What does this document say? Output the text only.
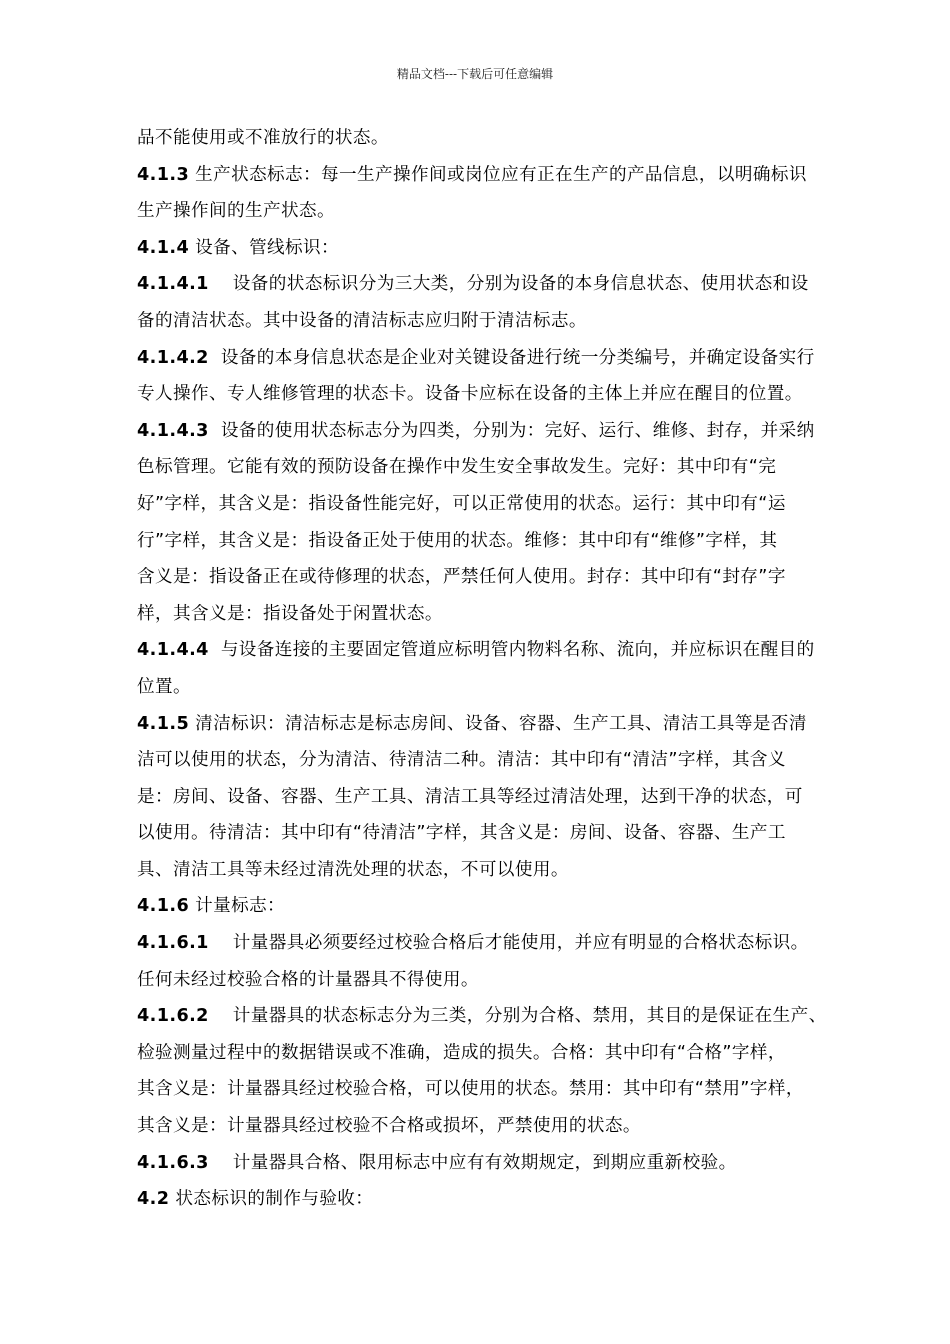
精品文档---下载后可任意编辑
品不能使用或不准放行的状态。
4.1.3 生产状态标志：每一生产操作间或岗位应有正在生产的产品信息，以明确标识
生产操作间的生产状态。
4.1.4 设备、管线标识：
4.1.4.1    设备的状态标识分为三大类，分别为设备的本身信息状态、使用状态和设
备的清洁状态。其中设备的清洁标志应归附于清洁标志。
4.1.4.2  设备的本身信息状态是企业对关键设备进行统一分类编号，并确定设备实行
专人操作、专人维修管理的状态卡。设备卡应标在设备的主体上并应在醒目的位置。
4.1.4.3  设备的使用状态标志分为四类，分别为：完好、运行、维修、封存，并采纳
色标管理。它能有效的预防设备在操作中发生安全事故发生。完好：其中印有“完
好”字样，其含义是：指设备性能完好，可以正常使用的状态。运行：其中印有“运
行”字样，其含义是：指设备正处于使用的状态。维修：其中印有“维修”字样，其
含义是：指设备正在或待修理的状态，严禁任何人使用。封存：其中印有“封存”字
样，其含义是：指设备处于闲置状态。
4.1.4.4  与设备连接的主要固定管道应标明管内物料名称、流向，并应标识在醒目的
位置。
4.1.5 清洁标识：清洁标志是标志房间、设备、容器、生产工具、清洁工具等是否清
洁可以使用的状态，分为清洁、待清洁二种。清洁：其中印有“清洁”字样，其含义
是：房间、设备、容器、生产工具、清洁工具等经过清洁处理，达到干净的状态，可
以使用。待清洁：其中印有“待清洁”字样，其含义是：房间、设备、容器、生产工
具、清洁工具等未经过清洗处理的状态，不可以使用。
4.1.6 计量标志：
4.1.6.1    计量器具必须要经过校验合格后才能使用，并应有明显的合格状态标识。
任何未经过校验合格的计量器具不得使用。
4.1.6.2    计量器具的状态标志分为三类，分别为合格、禁用，其目的是保证在生产、
检验测量过程中的数据错误或不准确，造成的损失。合格：其中印有“合格”字样，
其含义是：计量器具经过校验合格，可以使用的状态。禁用：其中印有“禁用”字样，
其含义是：计量器具经过校验不合格或损坏，严禁使用的状态。
4.1.6.3    计量器具合格、限用标志中应有有效期规定，到期应重新校验。
4.2 状态标识的制作与验收：
